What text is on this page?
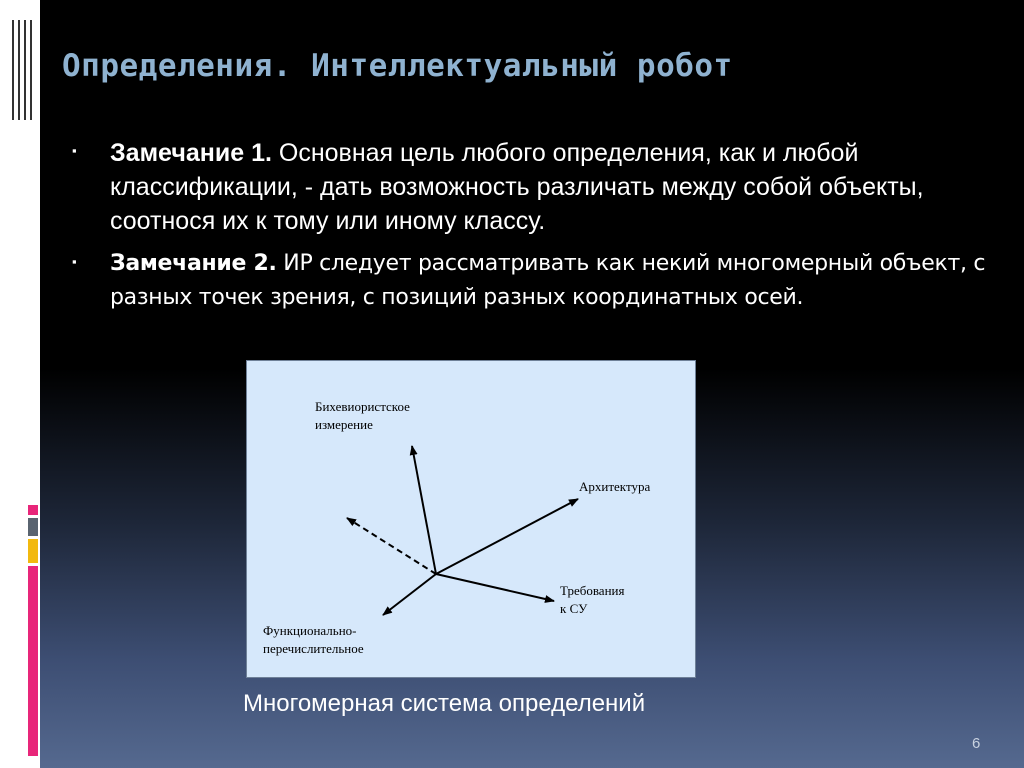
Определения. Интеллектуальный робот
▪ Замечание 1. Основная цель любого определения, как и любой классификации, - дать возможность различать между собой объекты, соотнося их к тому или иному классу.

▪ Замечание 2. ИР следует рассматривать как некий многомерный объект, с разных точек зрения, с позиций разных координатных осей.

Бихевиористское
измерение
Архитектура
Требования
к СУ
Функционально-
перечислительное
Многомерная система определений
6
